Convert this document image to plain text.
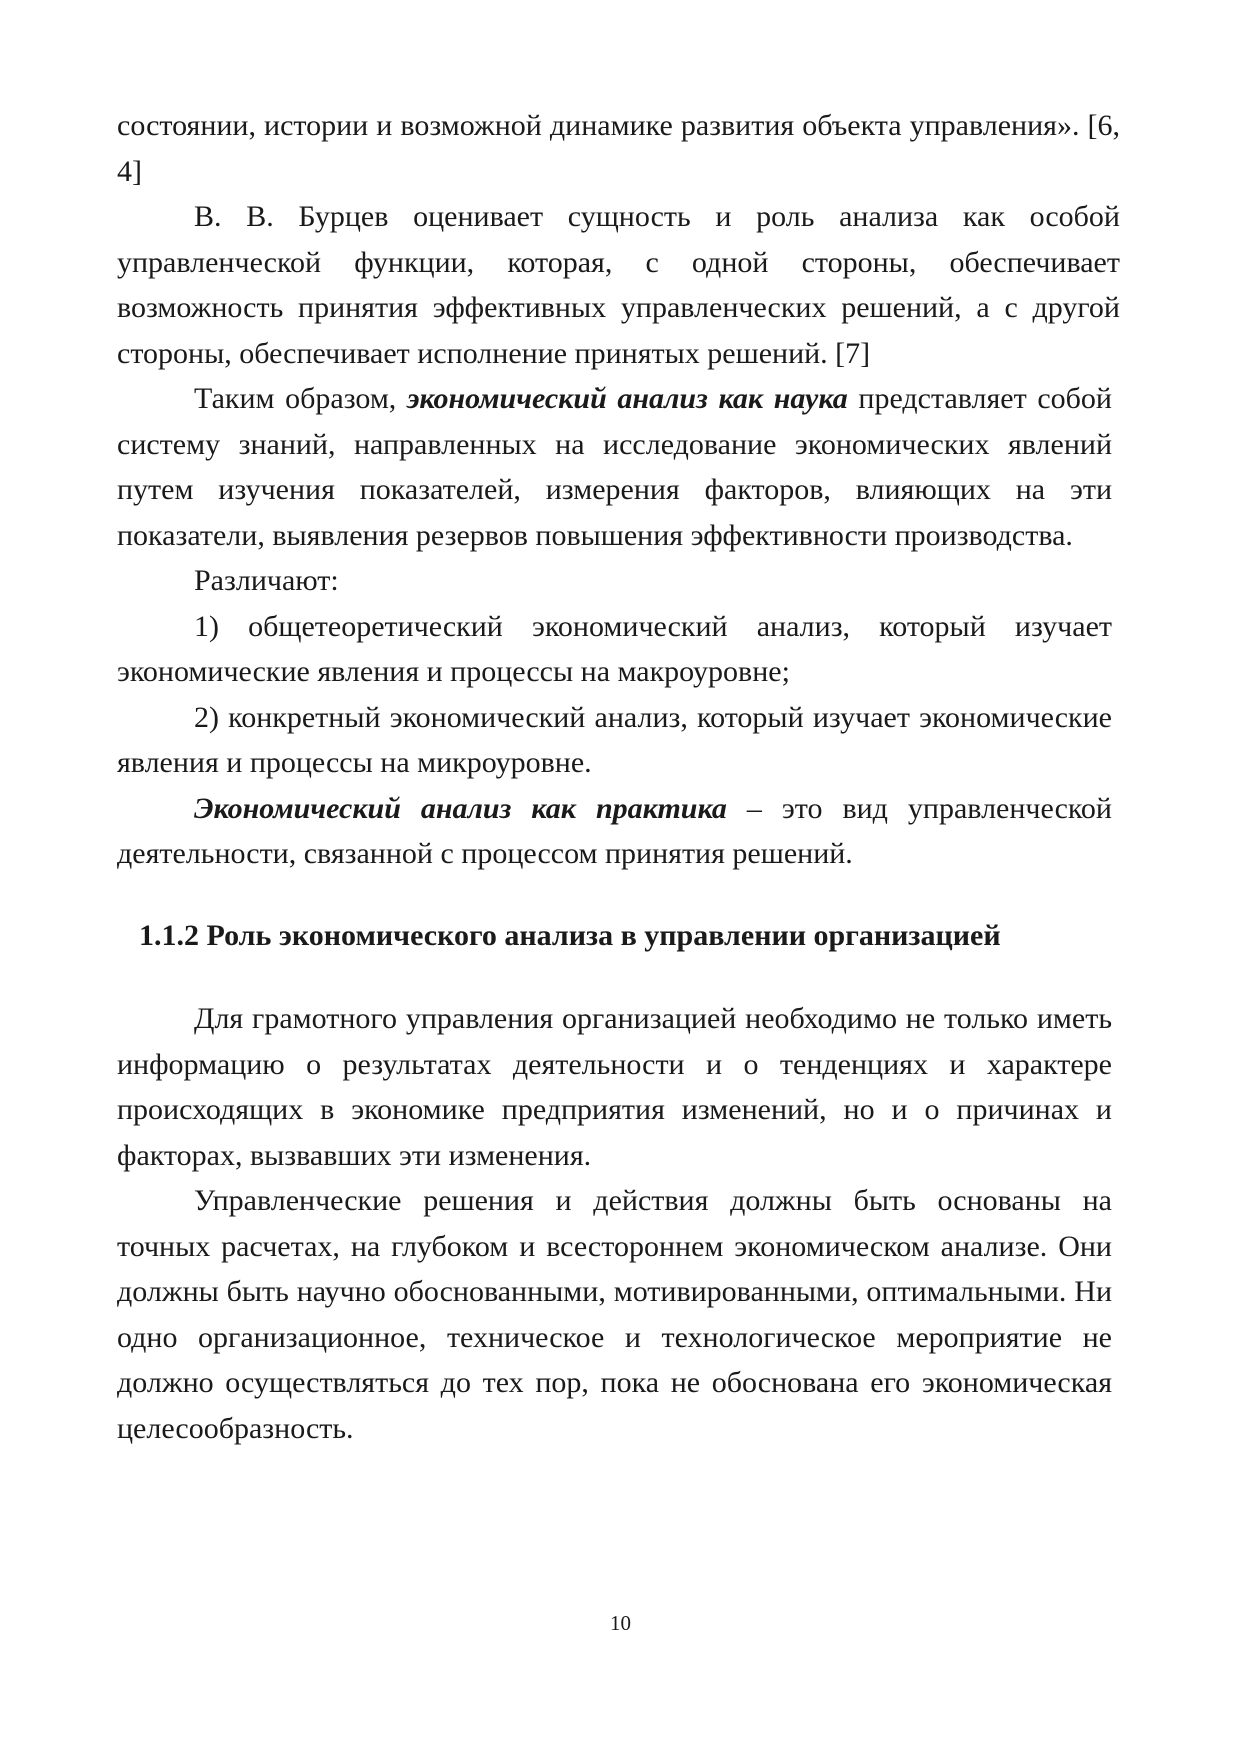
состоянии, истории и возможной динамике развития объекта управления». [6, 4]

В. В. Бурцев оценивает сущность и роль анализа как особой управленческой функции, которая, с одной стороны, обеспечивает возможность принятия эффективных управленческих решений, а с другой стороны, обеспечивает исполнение принятых решений. [7]

Таким образом, экономический анализ как наука представляет собой систему знаний, направленных на исследование экономических явлений путем изучения показателей, измерения факторов, влияющих на эти показатели, выявления резервов повышения эффективности производства.

Различают:

1) общетеоретический экономический анализ, который изучает экономические явления и процессы на макроуровне;

2) конкретный экономический анализ, который изучает экономические явления и процессы на микроуровне.

Экономический анализ как практика – это вид управленческой деятельности, связанной с процессом принятия решений.

1.1.2 Роль экономического анализа в управлении организацией

Для грамотного управления организацией необходимо не только иметь информацию о результатах деятельности и о тенденциях и характере происходящих в экономике предприятия изменений, но и о причинах и факторах, вызвавших эти изменения.

Управленческие решения и действия должны быть основаны на точных расчетах, на глубоком и всестороннем экономическом анализе. Они должны быть научно обоснованными, мотивированными, оптимальными. Ни одно организационное, техническое и технологическое мероприятие не должно осуществляться до тех пор, пока не обоснована его экономическая целесообразность.

10
